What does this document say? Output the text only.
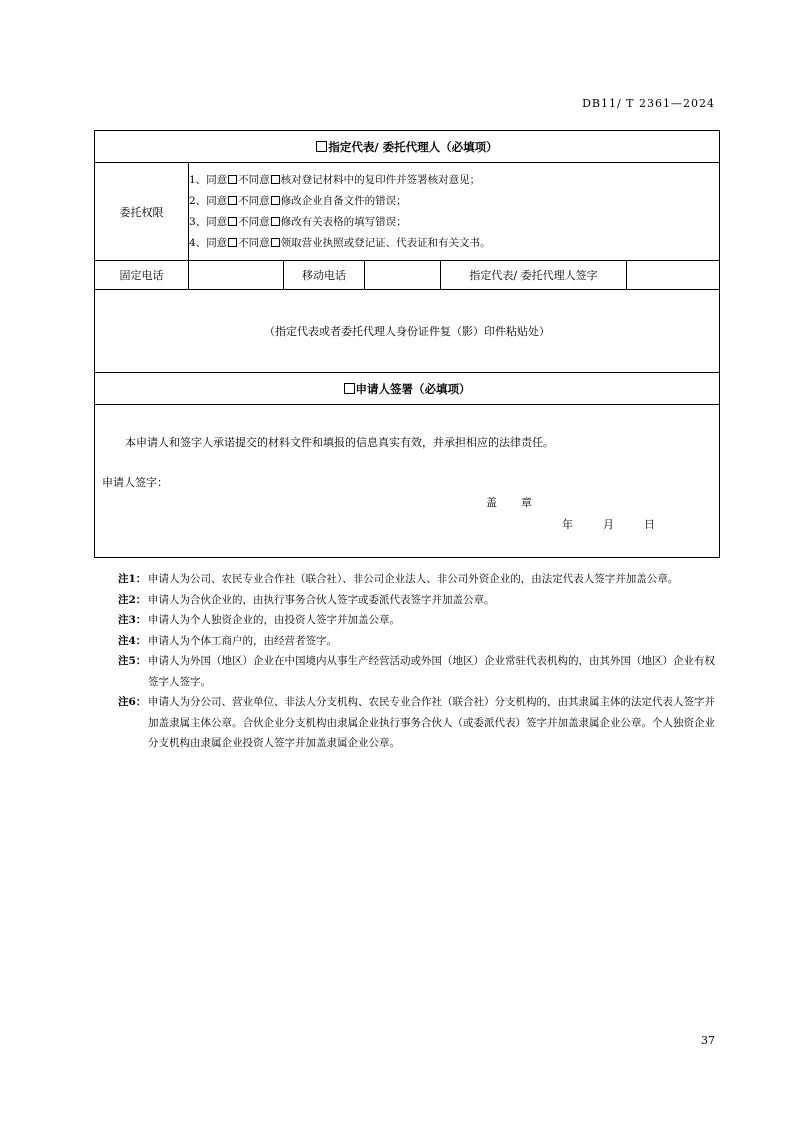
DB11/ T 2361—2024
指定代表/ 委托代理人（必填项）					
委托权限	1、同意 不同意 核对登记材料中的复印件并签署核对意见；
2、同意 不同意 修改企业自备文件的错误；
3、同意 不同意 修改有关表格的填写错误；
4、同意 不同意 领取营业执照或登记证、代表证和有关文书。				

固定电话		移动电话		指定代表/ 委托代理人签字	
（指定代表或者委托代理人身份证件复（影）印件粘贴处）					
申请人签署（必填项）					

本申请人和签字人承诺提交的材料文件和填报的信息真实有效，并承担相应的法律责任。
申请人签字：
盖 章
年 月 日					
注1： 申请人为公司、农民专业合作社（联合社）、非公司企业法人、非公司外资企业的，由法定代表人签字并加盖公章。
注2： 申请人为合伙企业的，由执行事务合伙人签字或委派代表签字并加盖公章。
注3： 申请人为个人独资企业的，由投资人签字并加盖公章。
注4： 申请人为个体工商户的，由经营者签字。
注5： 申请人为外国（地区）企业在中国境内从事生产经营活动或外国（地区）企业常驻代表机构的，由其外国（地区）企业有权签字人签字。
注6： 申请人为分公司、营业单位、非法人分支机构、农民专业合作社（联合社）分支机构的，由其隶属主体的法定代表人签字并加盖隶属主体公章。合伙企业分支机构由隶属企业执行事务合伙人（或委派代表）签字并加盖隶属企业公章。个人独资企业分支机构由隶属企业投资人签字并加盖隶属企业公章。
37
